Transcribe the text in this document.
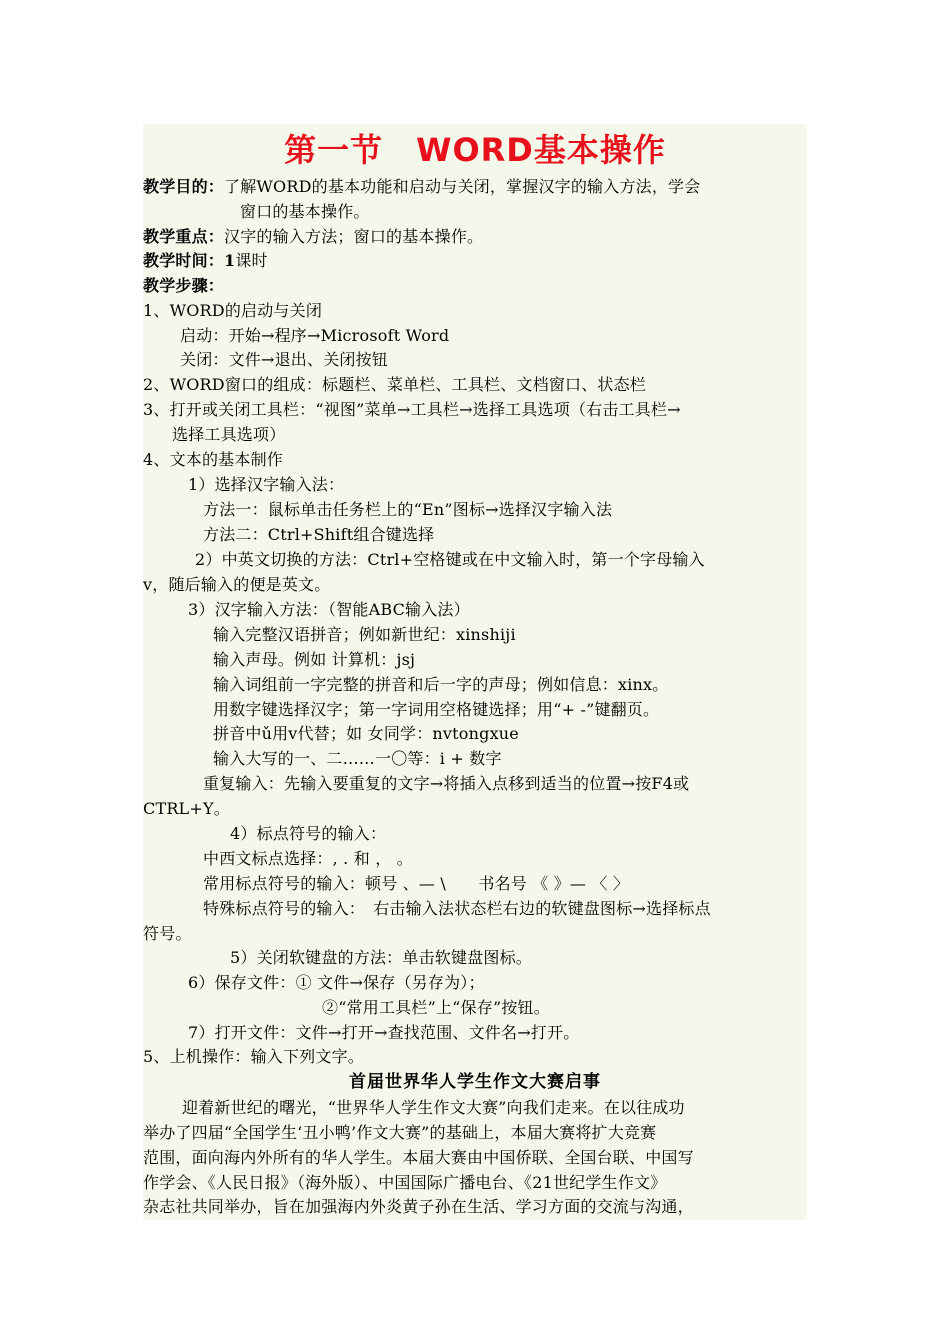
第一节　WORD基本操作
教学目的：了解WORD的基本功能和启动与关闭，掌握汉字的输入方法，学会
窗口的基本操作。
教学重点：汉字的输入方法；窗口的基本操作。
教学时间：1课时
教学步骤：
1、WORD的启动与关闭
启动：开始→程序→Microsoft Word
关闭：文件→退出、关闭按钮
2、WORD窗口的组成：标题栏、菜单栏、工具栏、文档窗口、状态栏
3、打开或关闭工具栏：“视图”菜单→工具栏→选择工具选项（右击工具栏→
选择工具选项）
4、文本的基本制作
1）选择汉字输入法：
方法一：鼠标单击任务栏上的“En”图标→选择汉字输入法
方法二：Ctrl+Shift组合键选择
2）中英文切换的方法：Ctrl+空格键或在中文输入时，第一个字母输入
v，随后输入的便是英文。
3）汉字输入方法：（智能ABC输入法）
输入完整汉语拼音；例如新世纪：xinshiji
输入声母。例如 计算机：jsj
输入词组前一字完整的拼音和后一字的声母；例如信息：xinx。
用数字键选择汉字；第一字词用空格键选择；用“+ -”键翻页。
拼音中ǔ用v代替；如 女同学：nvtongxue
输入大写的一、二……一〇等：i + 数字
重复输入：先输入要重复的文字→将插入点移到适当的位置→按F4或
CTRL+Y。
4）标点符号的输入：
中西文标点选择：, . 和 ， 。
常用标点符号的输入：顿号 、— \　　书名号 《 》— 〈 〉
特殊标点符号的输入：　右击输入法状态栏右边的软键盘图标→选择标点
符号。
5）关闭软键盘的方法：单击软键盘图标。
6）保存文件：① 文件→保存（另存为）；
②“常用工具栏”上“保存”按钮。
7）打开文件：文件→打开→查找范围、文件名→打开。
5、上机操作：输入下列文字。
首届世界华人学生作文大赛启事
迎着新世纪的曙光，“世界华人学生作文大赛”向我们走来。在以往成功
举办了四届“全国学生‘丑小鸭’作文大赛”的基础上，本届大赛将扩大竞赛
范围，面向海内外所有的华人学生。本届大赛由中国侨联、全国台联、中国写
作学会、《人民日报》（海外版）、中国国际广播电台、《21世纪学生作文》
杂志社共同举办，旨在加强海内外炎黄子孙在生活、学习方面的交流与沟通，
